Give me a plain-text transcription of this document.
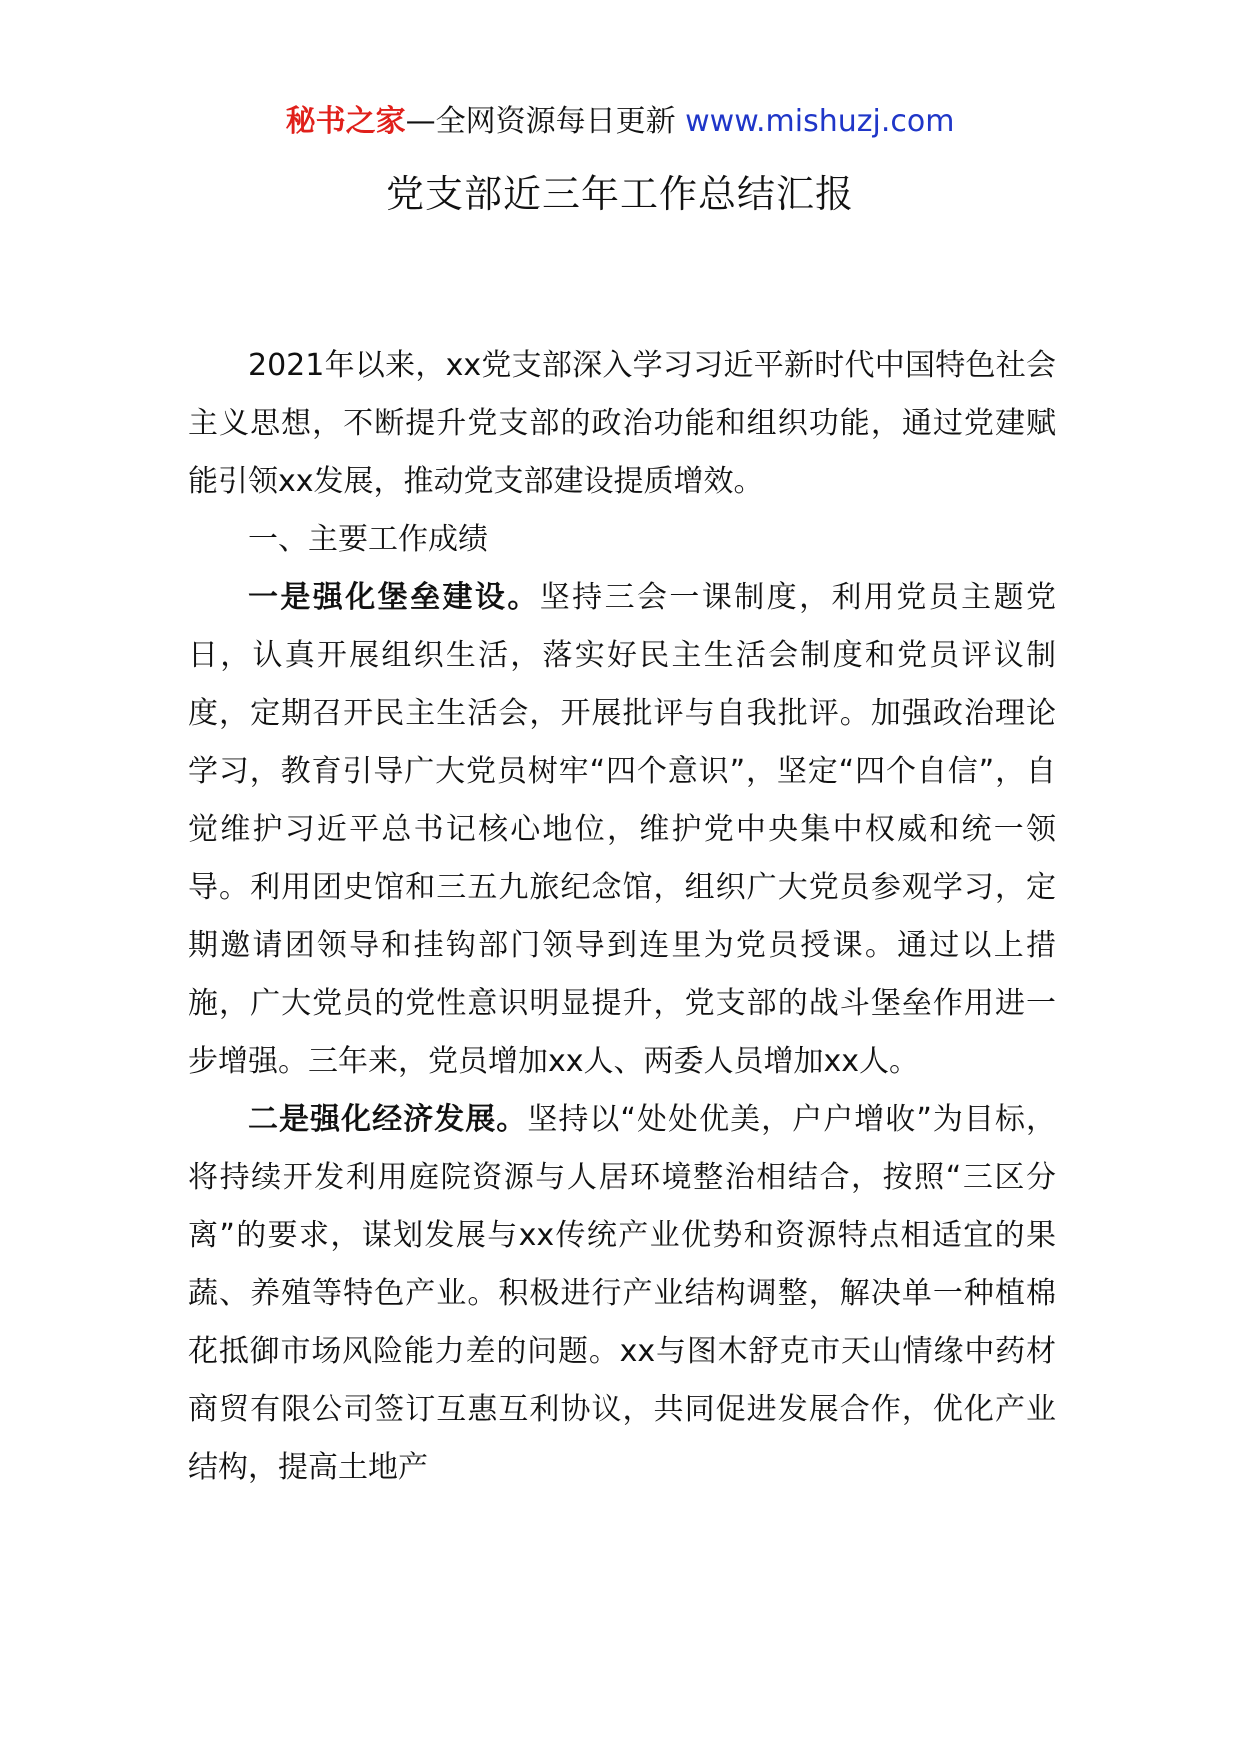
秘书之家—全网资源每日更新 www.mishuzj.com
党支部近三年工作总结汇报

2021年以来，xx党支部深入学习习近平新时代中国特色社会主义思想，不断提升党支部的政治功能和组织功能，通过党建赋能引领xx发展，推动党支部建设提质增效。

一、主要工作成绩

一是强化堡垒建设。坚持三会一课制度，利用党员主题党日，认真开展组织生活，落实好民主生活会制度和党员评议制度，定期召开民主生活会，开展批评与自我批评。加强政治理论学习，教育引导广大党员树牢“四个意识”，坚定“四个自信”，自觉维护习近平总书记核心地位，维护党中央集中权威和统一领导。利用团史馆和三五九旅纪念馆，组织广大党员参观学习，定期邀请团领导和挂钩部门领导到连里为党员授课。通过以上措施，广大党员的党性意识明显提升，党支部的战斗堡垒作用进一步增强。三年来，党员增加xx人、两委人员增加xx人。

二是强化经济发展。坚持以“处处优美，户户增收”为目标，将持续开发利用庭院资源与人居环境整治相结合，按照“三区分离”的要求，谋划发展与xx传统产业优势和资源特点相适宜的果蔬、养殖等特色产业。积极进行产业结构调整，解决单一种植棉花抵御市场风险能力差的问题。xx与图木舒克市天山情缘中药材商贸有限公司签订互惠互利协议，共同促进发展合作，优化产业结构，提高土地产
